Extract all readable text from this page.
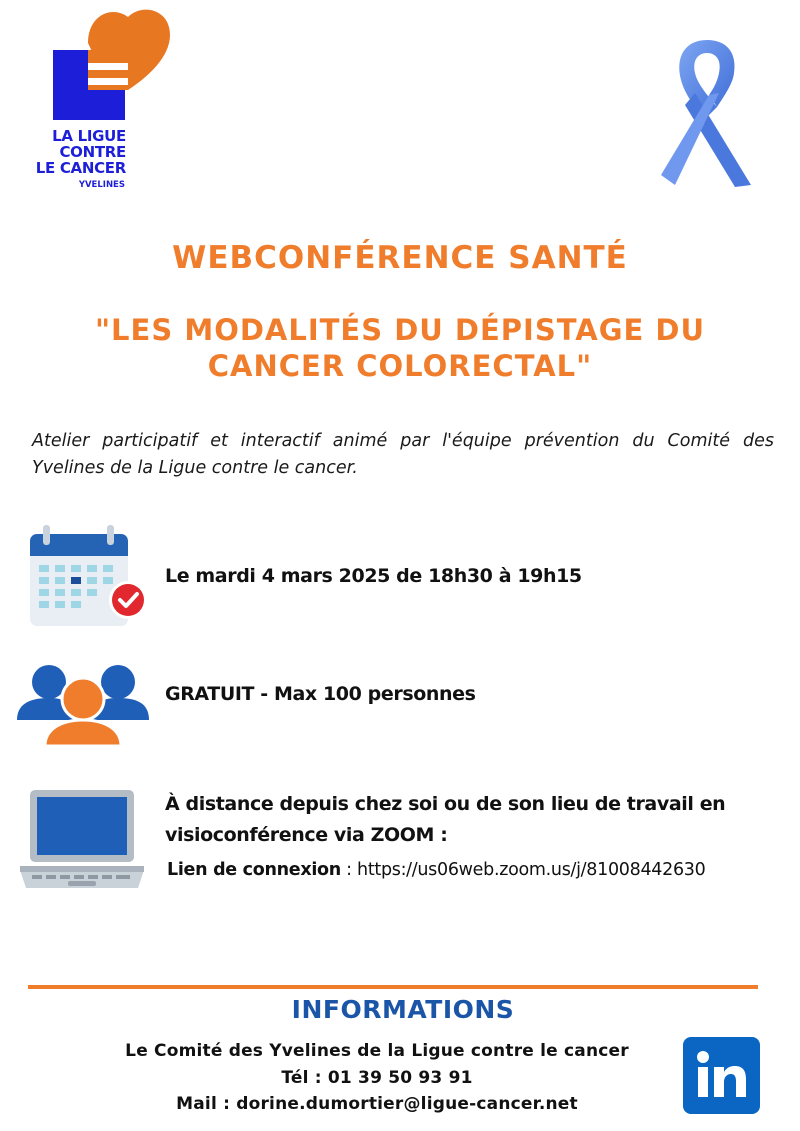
LA LIGUE
CONTRE
LE CANCER
YVELINES
WEBCONFÉRENCE SANTÉ
"LES MODALITÉS DU DÉPISTAGE DU
CANCER COLORECTAL"
Atelier participatif et interactif animé par l'équipe prévention du Comité des Yvelines de la Ligue contre le cancer.
Le mardi 4 mars 2025 de 18h30 à 19h15
GRATUIT - Max 100 personnes
À distance depuis chez soi ou de son lieu de travail en
visioconférence via ZOOM :
Lien de connexion : https://us06web.zoom.us/j/81008442630
INFORMATIONS
Le Comité des Yvelines de la Ligue contre le cancer
Tél : 01 39 50 93 91
Mail : dorine.dumortier@ligue-cancer.net
